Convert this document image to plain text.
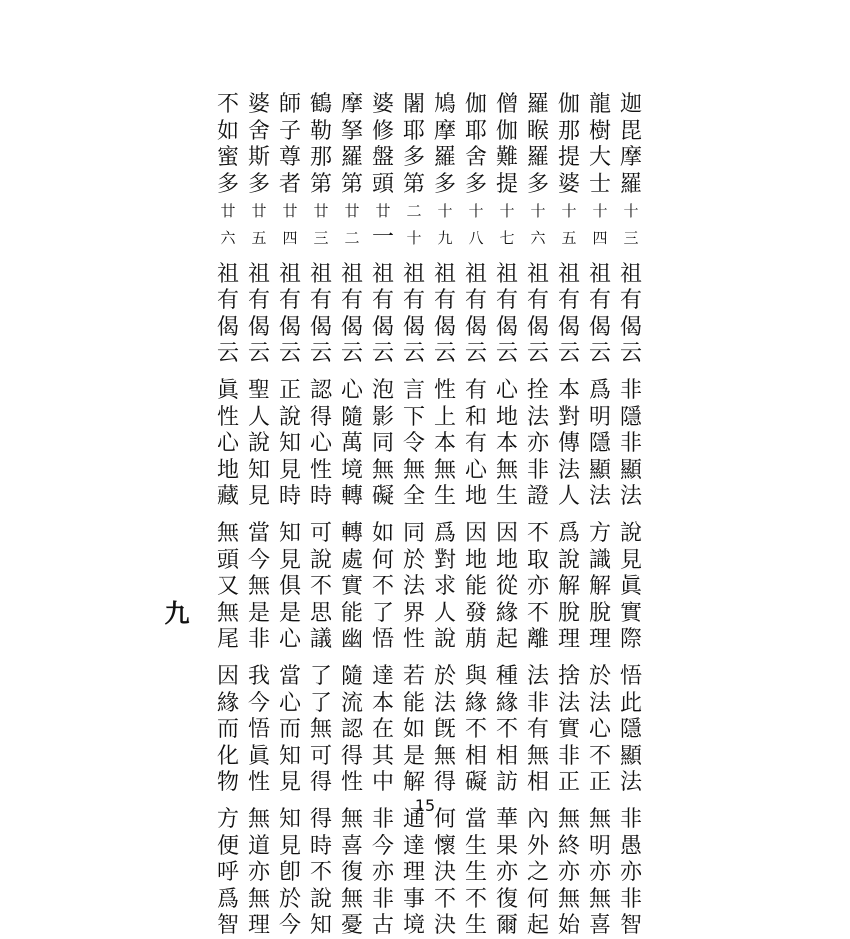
迦
毘
摩
羅
十
三
祖
有
偈
云
非
隱
非
顯
法
說
見
眞
實
際
悟
此
隱
顯
法
非
愚
亦
非
智
龍
樹
大
士
十
四
祖
有
偈
云
爲
明
隱
顯
法
方
識
解
脫
理
於
法
心
不
正
無
明
亦
無
喜
伽
那
提
婆
十
五
祖
有
偈
云
本
對
傳
法
人
爲
說
解
脫
理
捨
法
實
非
正
無
終
亦
無
始
羅
睺
羅
多
十
六
祖
有
偈
云
拴
法
亦
非
證
不
取
亦
不
離
法
非
有
無
相
內
外
之
何
起
僧
伽
難
提
十
七
祖
有
偈
云
心
地
本
無
生
因
地
從
緣
起
種
緣
不
相
訪
華
果
亦
復
爾
伽
耶
舍
多
十
八
祖
有
偈
云
有
和
有
心
地
因
地
能
發
萠
與
緣
不
相
礙
當
生
生
不
生
鳩
摩
羅
多
十
九
祖
有
偈
云
性
上
本
無
生
爲
對
求
人
說
於
法
旣
無
得
何
懷
決
不
決
闍
耶
多
第
二
十
祖
有
偈
云
言
下
令
無
全
同
於
法
界
性
若
能
如
是
解
通
達
理
事
境
婆
修
盤
頭
廿
一
祖
有
偈
云
泡
影
同
無
礙
如
何
不
了
悟
達
本
在
其
中
非
今
亦
非
古
摩
拏
羅
第
廿
二
祖
有
偈
云
心
隨
萬
境
轉
轉
處
實
能
幽
隨
流
認
得
性
無
喜
復
無
憂
鶴
勒
那
第
廿
三
祖
有
偈
云
認
得
心
性
時
可
說
不
思
議
了
了
無
可
得
得
時
不
說
知
師
子
尊
者
廿
四
祖
有
偈
云
正
說
知
見
時
知
見
俱
是
心
當
心
而
知
見
知
見
卽
於
今
婆
舍
斯
多
廿
五
祖
有
偈
云
聖
人
說
知
見
當
今
無
是
非
我
今
悟
眞
性
無
道
亦
無
理
不
如
蜜
多
廿
六
祖
有
偈
云
眞
性
心
地
藏
無
頭
又
無
尾
因
緣
而
化
物
方
便
呼
爲
智
九
15
